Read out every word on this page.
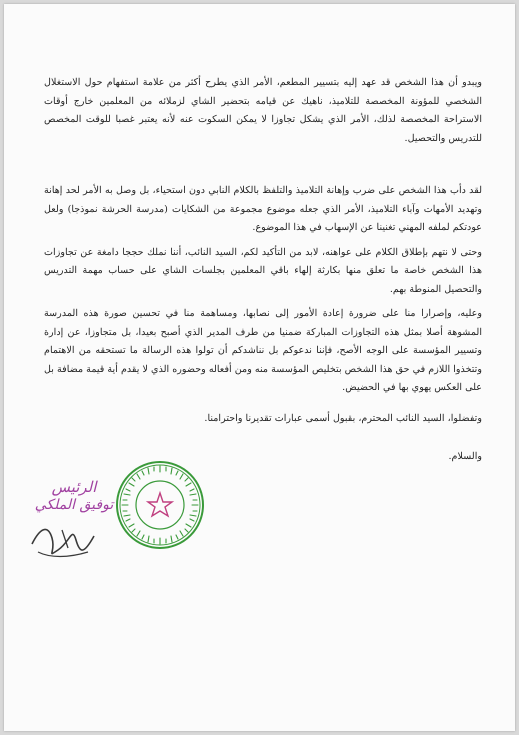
ويبدو أن هذا الشخص قد عهد إليه بتسيير المطعم، الأمر الذي يطرح أكثر من علامة استفهام حول الاستغلال الشخصي للمؤونة المخصصة للتلاميذ، ناهيك عن قيامه بتحضير الشاي لزملائه من المعلمين خارج أوقات الاستراحة المخصصة لذلك، الأمر الذي يشكل تجاوزا لا يمكن السكوت عنه لأنه يعتبر غصبا للوقت المخصص للتدريس والتحصيل.

لقد دأب هذا الشخص على ضرب وإهانة التلاميذ والتلفظ بالكلام النابي دون استحياء، بل وصل به الأمر لحد إهانة وتهديد الأمهات وآباء التلاميذ، الأمر الذي جعله موضوع مجموعة من الشكايات (مدرسة الحرشة نموذجا) ولعل عودتكم لملفه المهني تغنينا عن الإسهاب في هذا الموضوع.

وحتى لا نتهم بإطلاق الكلام على عواهنه، لابد من التأكيد لكم، السيد النائب، أننا نملك حججا دامغة عن تجاوزات هذا الشخص خاصة ما تعلق منها بكارثة إلهاء باقي المعلمين بجلسات الشاي على حساب مهمة التدريس والتحصيل المنوطة بهم.

وعليه، وإصرارا منا على ضرورة إعادة الأمور إلى نصابها، ومساهمة منا في تحسين صورة هذه المدرسة المشوهة أصلا بمثل هذه التجاوزات المباركة ضمنيا من طرف المدير الذي أصبح بعيدا، بل متجاوزا، عن إدارة وتسيير المؤسسة على الوجه الأصح، فإننا ندعوكم بل نناشدكم أن تولوا هذه الرسالة ما تستحقه من الاهتمام وتتخذوا اللازم في حق هذا الشخص بتخليص المؤسسة منه ومن أفعاله وحضوره الذي لا يقدم أية قيمة مضافة بل على العكس يهوي بها في الحضيض.

وتفضلوا، السيد النائب المحترم، بقبول أسمى عبارات تقديرنا واحترامنا.

والسلام.

الرئيس
توفيق الملكي
